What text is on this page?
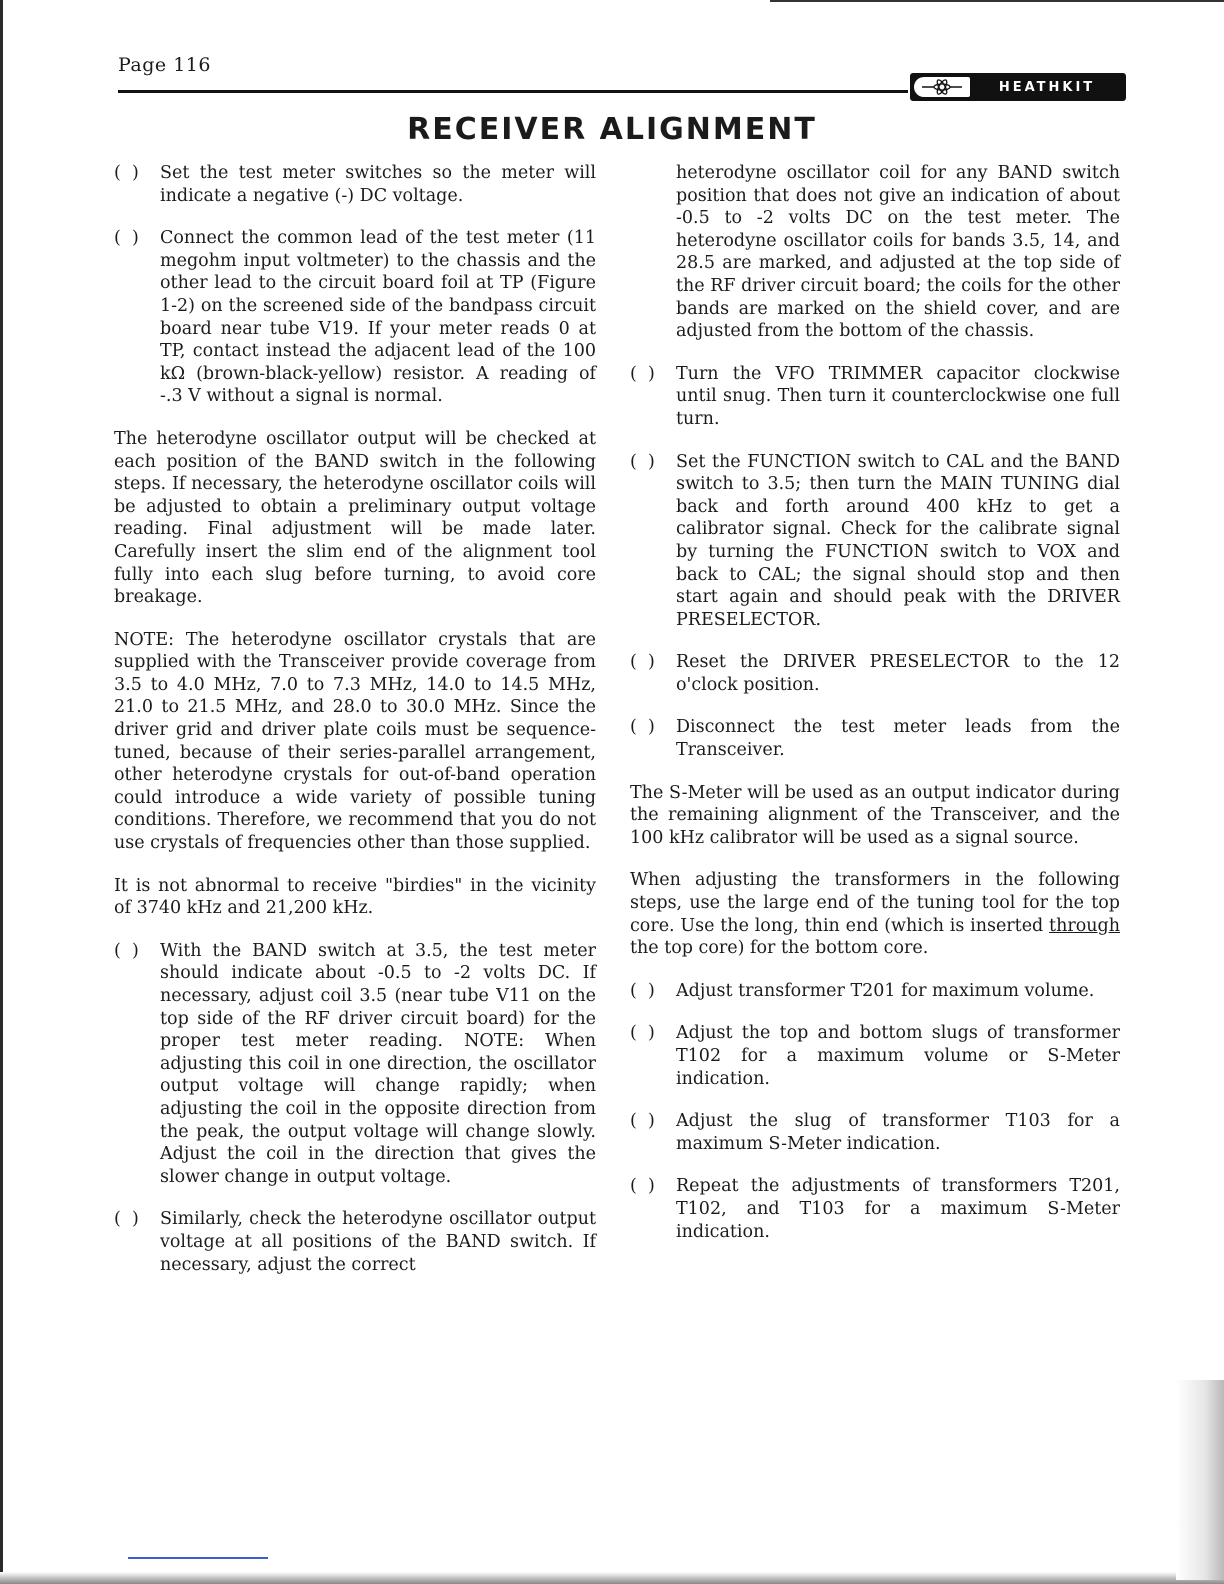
Page 116
HEATHKIT
RECEIVER ALIGNMENT
(  )	Set the test meter switches so the meter will indicate a negative (-) DC voltage.
(  )	Connect the common lead of the test meter (11 megohm input voltmeter) to the chassis and the other lead to the circuit board foil at TP (Figure 1-2) on the screened side of the bandpass circuit board near tube V19. If your meter reads 0 at TP, contact instead the adjacent lead of the 100 kΩ (brown-black-yellow) resistor. A reading of -.3 V without a signal is normal.

The heterodyne oscillator output will be checked at each position of the BAND switch in the following steps. If necessary, the heterodyne oscillator coils will be adjusted to obtain a preliminary output voltage reading. Final adjustment will be made later. Carefully insert the slim end of the alignment tool fully into each slug before turning, to avoid core breakage.

NOTE: The heterodyne oscillator crystals that are supplied with the Transceiver provide coverage from 3.5 to 4.0 MHz, 7.0 to 7.3 MHz, 14.0 to 14.5 MHz, 21.0 to 21.5 MHz, and 28.0 to 30.0 MHz. Since the driver grid and driver plate coils must be sequence-tuned, because of their series-parallel arrangement, other heterodyne crystals for out-of-band operation could introduce a wide variety of possible tuning conditions. Therefore, we recommend that you do not use crystals of frequencies other than those supplied.

It is not abnormal to receive "birdies" in the vicinity of 3740 kHz and 21,200 kHz.

(  )	With the BAND switch at 3.5, the test meter should indicate about -0.5 to -2 volts DC. If necessary, adjust coil 3.5 (near tube V11 on the top side of the RF driver circuit board) for the proper test meter reading. NOTE: When adjusting this coil in one direction, the oscillator output voltage will change rapidly; when adjusting the coil in the opposite direction from the peak, the output voltage will change slowly. Adjust the coil in the direction that gives the slower change in output voltage.
(  )	Similarly, check the heterodyne oscillator output voltage at all positions of the BAND switch. If necessary, adjust the correct

heterodyne oscillator coil for any BAND switch position that does not give an indication of about -0.5 to -2 volts DC on the test meter. The heterodyne oscillator coils for bands 3.5, 14, and 28.5 are marked, and adjusted at the top side of the RF driver circuit board; the coils for the other bands are marked on the shield cover, and are adjusted from the bottom of the chassis.

(  )	Turn the VFO TRIMMER capacitor clockwise until snug. Then turn it counterclockwise one full turn.
(  )	Set the FUNCTION switch to CAL and the BAND switch to 3.5; then turn the MAIN TUNING dial back and forth around 400 kHz to get a calibrator signal. Check for the calibrate signal by turning the FUNCTION switch to VOX and back to CAL; the signal should stop and then start again and should peak with the DRIVER PRESELECTOR.
(  )	Reset the DRIVER PRESELECTOR to the 12 o'clock position.
(  )	Disconnect the test meter leads from the Transceiver.

The S-Meter will be used as an output indicator during the remaining alignment of the Transceiver, and the 100 kHz calibrator will be used as a signal source.

When adjusting the transformers in the following steps, use the large end of the tuning tool for the top core. Use the long, thin end (which is inserted through the top core) for the bottom core.

(  )	Adjust transformer T201 for maximum volume.
(  )	Adjust the top and bottom slugs of transformer T102 for a maximum volume or S-Meter indication.
(  )	Adjust the slug of transformer T103 for a maximum S-Meter indication.
(  )	Repeat the adjustments of transformers T201, T102, and T103 for a maximum S-Meter indication.
